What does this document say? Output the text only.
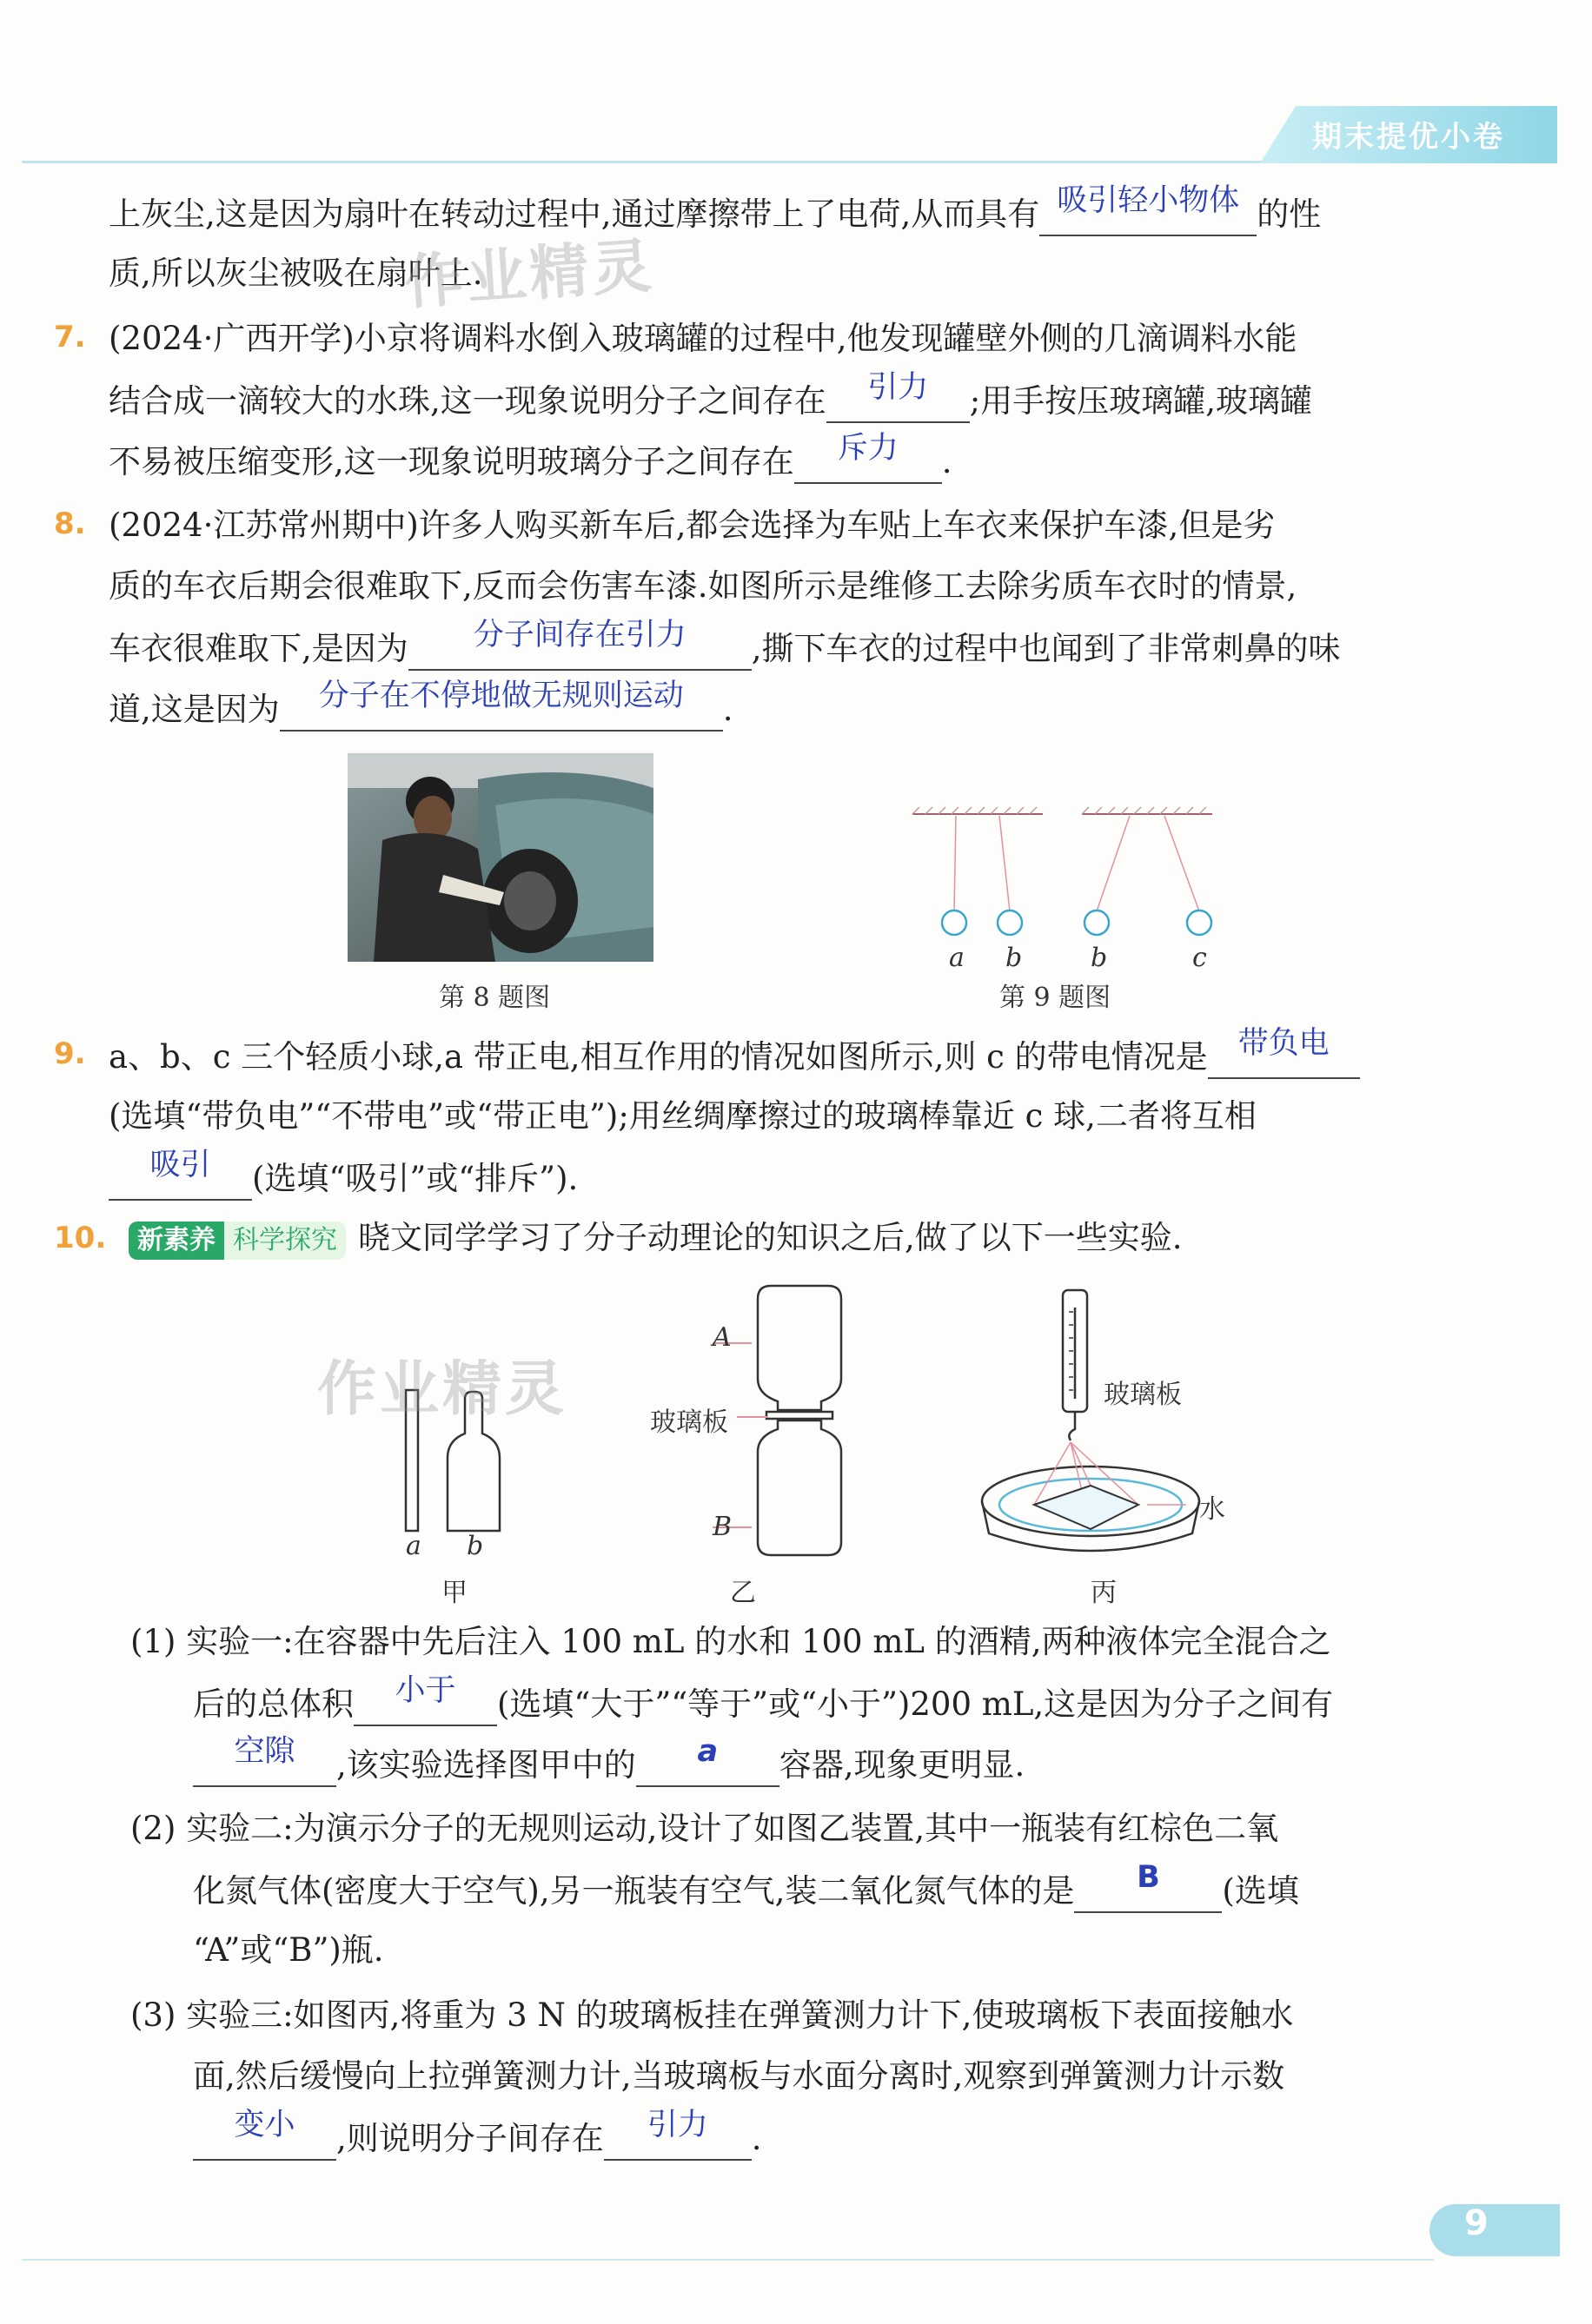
期末提优小卷
上灰尘,这是因为扇叶在转动过程中,通过摩擦带上了电荷,从而具有 吸引轻小物体 的性
质,所以灰尘被吸在扇叶上.
7. (2024·广西开学)小京将调料水倒入玻璃罐的过程中,他发现罐壁外侧的几滴调料水能
结合成一滴较大的水珠,这一现象说明分子之间存在	引力	;用手按压玻璃罐,玻璃罐
不易被压缩变形,这一现象说明玻璃分子之间存在	斥力	.
8. (2024·江苏常州期中)许多人购买新车后,都会选择为车贴上车衣来保护车漆,但是劣
质的车衣后期会很难取下,反而会伤害车漆.如图所示是维修工去除劣质车衣时的情景,
车衣很难取下,是因为	分子间存在引力	,撕下车衣的过程中也闻到了非常刺鼻的味
道,这是因为	分子在不停地做无规则运动	.
第 8 题图
a b	b	c
第 9 题图
9. a、b、c 三个轻质小球,a 带正电,相互作用的情况如图所示,则 c 的带电情况是 带负电
(选填“带负电”“不带电”或“带正电”);用丝绸摩擦过的玻璃棒靠近 c 球,二者将互相
吸引	(选填“吸引”或“排斥”).
10.	新素养 科学探究 晓文同学学习了分子动理论的知识之后,做了以下一些实验.
a b
甲
A
B
玻璃板
乙
玻璃板
水
丙
(1) 实验一:在容器中先后注入 100 mL 的水和 100 mL 的酒精,两种液体完全混合之
后的总体积	小于	(选填“大于”“等于”或“小于”)200 mL,这是因为分子之间有
空隙	,该实验选择图甲中的	a	容器,现象更明显.
(2) 实验二:为演示分子的无规则运动,设计了如图乙装置,其中一瓶装有红棕色二氧
化氮气体(密度大于空气),另一瓶装有空气,装二氧化氮气体的是	B	(选填
“A”或“B”)瓶.
(3) 实验三:如图丙,将重为 3 N 的玻璃板挂在弹簧测力计下,使玻璃板下表面接触水
面,然后缓慢向上拉弹簧测力计,当玻璃板与水面分离时,观察到弹簧测力计示数
变小	,则说明分子间存在	引力	.
作业精灵
作业精灵
9
